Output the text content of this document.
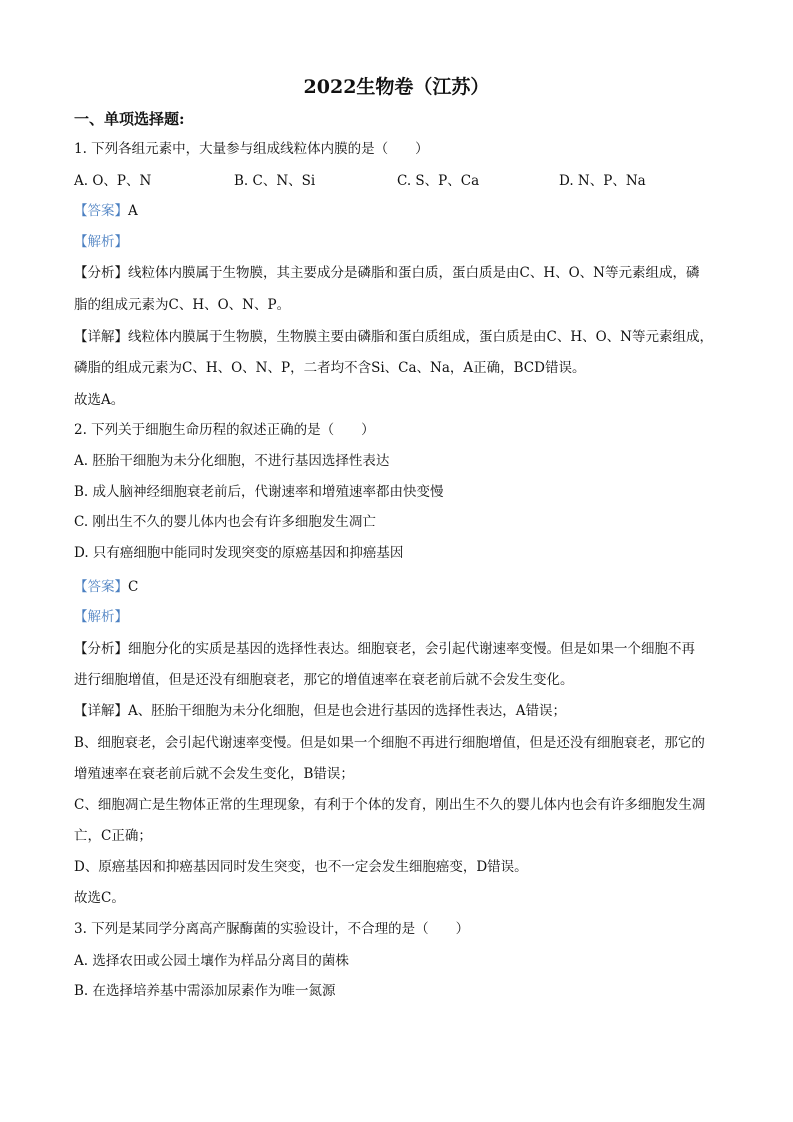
2022生物卷（江苏）
一、单项选择题:
1. 下列各组元素中，大量参与组成线粒体内膜的是（　　）
A. O、P、N	B. C、N、Si	C. S、P、Ca	D. N、P、Na
【答案】A
【解析】
【分析】线粒体内膜属于生物膜，其主要成分是磷脂和蛋白质，蛋白质是由C、H、O、N等元素组成，磷
脂的组成元素为C、H、O、N、P。
【详解】线粒体内膜属于生物膜，生物膜主要由磷脂和蛋白质组成，蛋白质是由C、H、O、N等元素组成，
磷脂的组成元素为C、H、O、N、P，二者均不含Si、Ca、Na，A正确，BCD错误。
故选A。
2. 下列关于细胞生命历程的叙述正确的是（　　）
A. 胚胎干细胞为未分化细胞，不进行基因选择性表达
B. 成人脑神经细胞衰老前后，代谢速率和增殖速率都由快变慢
C. 刚出生不久的婴儿体内也会有许多细胞发生凋亡
D. 只有癌细胞中能同时发现突变的原癌基因和抑癌基因
【答案】C
【解析】
【分析】细胞分化的实质是基因的选择性表达。细胞衰老，会引起代谢速率变慢。但是如果一个细胞不再
进行细胞增值，但是还没有细胞衰老，那它的增值速率在衰老前后就不会发生变化。
【详解】A、胚胎干细胞为未分化细胞，但是也会进行基因的选择性表达，A错误；
B、细胞衰老，会引起代谢速率变慢。但是如果一个细胞不再进行细胞增值，但是还没有细胞衰老，那它的
增殖速率在衰老前后就不会发生变化，B错误；
C、细胞凋亡是生物体正常的生理现象，有利于个体的发育，刚出生不久的婴儿体内也会有许多细胞发生凋
亡，C正确；
D、原癌基因和抑癌基因同时发生突变，也不一定会发生细胞癌变，D错误。
故选C。
3. 下列是某同学分离高产脲酶菌的实验设计，不合理的是（　　）
A. 选择农田或公园土壤作为样品分离目的菌株
B. 在选择培养基中需添加尿素作为唯一氮源
